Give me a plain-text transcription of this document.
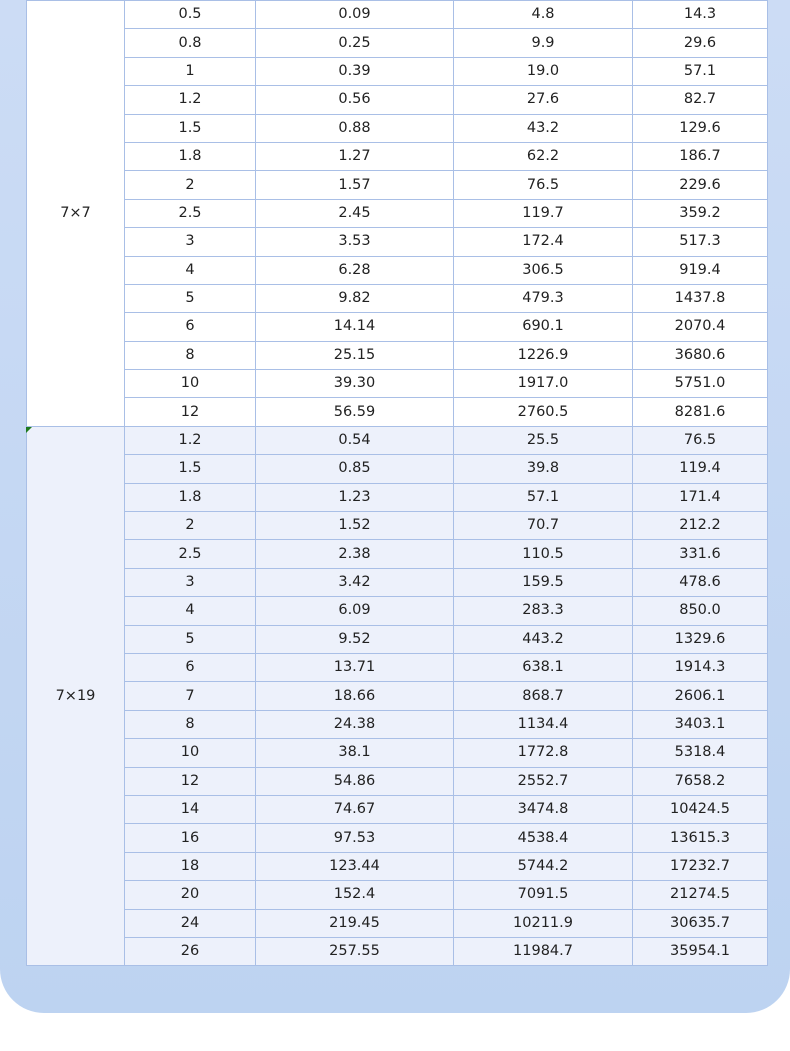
7×7	0.5	0.09	4.8	14.3
	0.8	0.25	9.9	29.6
	1	0.39	19.0	57.1
	1.2	0.56	27.6	82.7
	1.5	0.88	43.2	129.6
	1.8	1.27	62.2	186.7
	2	1.57	76.5	229.6
	2.5	2.45	119.7	359.2
	3	3.53	172.4	517.3
	4	6.28	306.5	919.4
	5	9.82	479.3	1437.8
	6	14.14	690.1	2070.4
	8	25.15	1226.9	3680.6
	10	39.30	1917.0	5751.0
	12	56.59	2760.5	8281.6
7×19	1.2	0.54	25.5	76.5
	1.5	0.85	39.8	119.4
	1.8	1.23	57.1	171.4
	2	1.52	70.7	212.2
	2.5	2.38	110.5	331.6
	3	3.42	159.5	478.6
	4	6.09	283.3	850.0
	5	9.52	443.2	1329.6
	6	13.71	638.1	1914.3
	7	18.66	868.7	2606.1
	8	24.38	1134.4	3403.1
	10	38.1	1772.8	5318.4
	12	54.86	2552.7	7658.2
	14	74.67	3474.8	10424.5
	16	97.53	4538.4	13615.3
	18	123.44	5744.2	17232.7
	20	152.4	7091.5	21274.5
	24	219.45	10211.9	30635.7
	26	257.55	11984.7	35954.1
